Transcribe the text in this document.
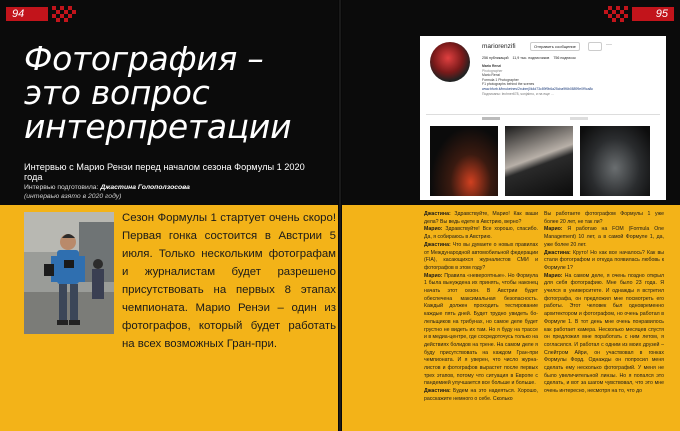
94	95
Фотография –
это вопрос
интерпретации
Интервью с Марио Ренэи перед началом сезона Формулы 1 2020 года
Интервью подготовила: Джастина Голоползоcова
(интервью взято в 2020 году)
Сезон Формулы 1 стартует очень скоро! Первая гонка состоится в Австрии 5 июля. Только нескольким фотографам и журналистам будет разрешено присутствовать на первых 8 этапах чемпионата. Марио Ренэи – один из фотографов, который будет работать на всех возможных Гран-при.
mariorenzifi	Отправить сообщение	···
256 публикаций 11,9 тыс. подписчиков 756 подписок
Mario Renzi
Photographer
Mario Renzi
Formula 1 Photographer
F1 photographs behind the scenes
www.bfurb.it/bnuketnes/2xubmj0k4d73c89f9b6a25cba9f6b08899e0f9ca8c
Подписаны: lechner678, sonjalmo, и на еще ...

Джастина: Здравствуйте, Марио! Как ваши дела? Вы ведь едете в Австрию, верно?

Марио: Здравствуйте! Все хорошо, спасибо. Да, я собираюсь в Австрию.

Джастина: Что вы думаете о новых правилах от Международной автомобильной федерации (FIA), касающихся журналистов СМИ и фотографов в этом году?

Марио: Правила «невероятные». Но Формула 1 была вынуждена их принять, чтобы наконец начать этот сезон. В Австрии будет обеспечена максимальная безопасность. Каждый должен проходить тестирование каждые пять дней. Будет трудно увидеть болельщиков на трибунах, но самое деле будет грустно не видеть их там. Но я буду на трассе и в медиа-центре, где сосредоточусь только на действиях болидов на трене. На самом деле я буду присутствовать на каждом Гран-при чемпионата. И я уверен, что число журналистов и фотографов вырастет после первых трех этапов, потому что ситуация в Европе с пандемией улучшается все больше и больше.

Джастина: Будем на это надеяться. Хорошо, расскажите немного о себе. Сколько

Вы работаете фотографом Формулы 1 уже более 20 лет, не так ли?

Марио: Я работаю на FOM (Formula One Management) 10 лет, а в самой Формуле 1, да, уже более 20 лет.

Джастина: Круто! Но как все началось? Как вы стали фотографом и откуда появилась любовь к Формуле 1?

Марио: На самом деле, я очень поздно открыл для себя фотографию. Мне было 23 года. Я учился в университете. И однажды я встретил фотографа, он предложил мне посмотреть его работы. Этот человек был одновременно архитектором и фотографом, но очень работал в Формуле 1. В тот день мне очень понравилось как работает камера. Несколько месяцев спустя он предложил мне поработать с ним летом, я согласился. И работал с одним из моих друзей – Слейтром Айри, он участвовал в гонках Формулы Форд. Однажды он попросил меня сделать ему несколько фотографий. У меня не было увеличительной линзы. Но я попался это сделать, и вот за шагом чувствовал, что это мне очень интересно, несмотря на то, что до
